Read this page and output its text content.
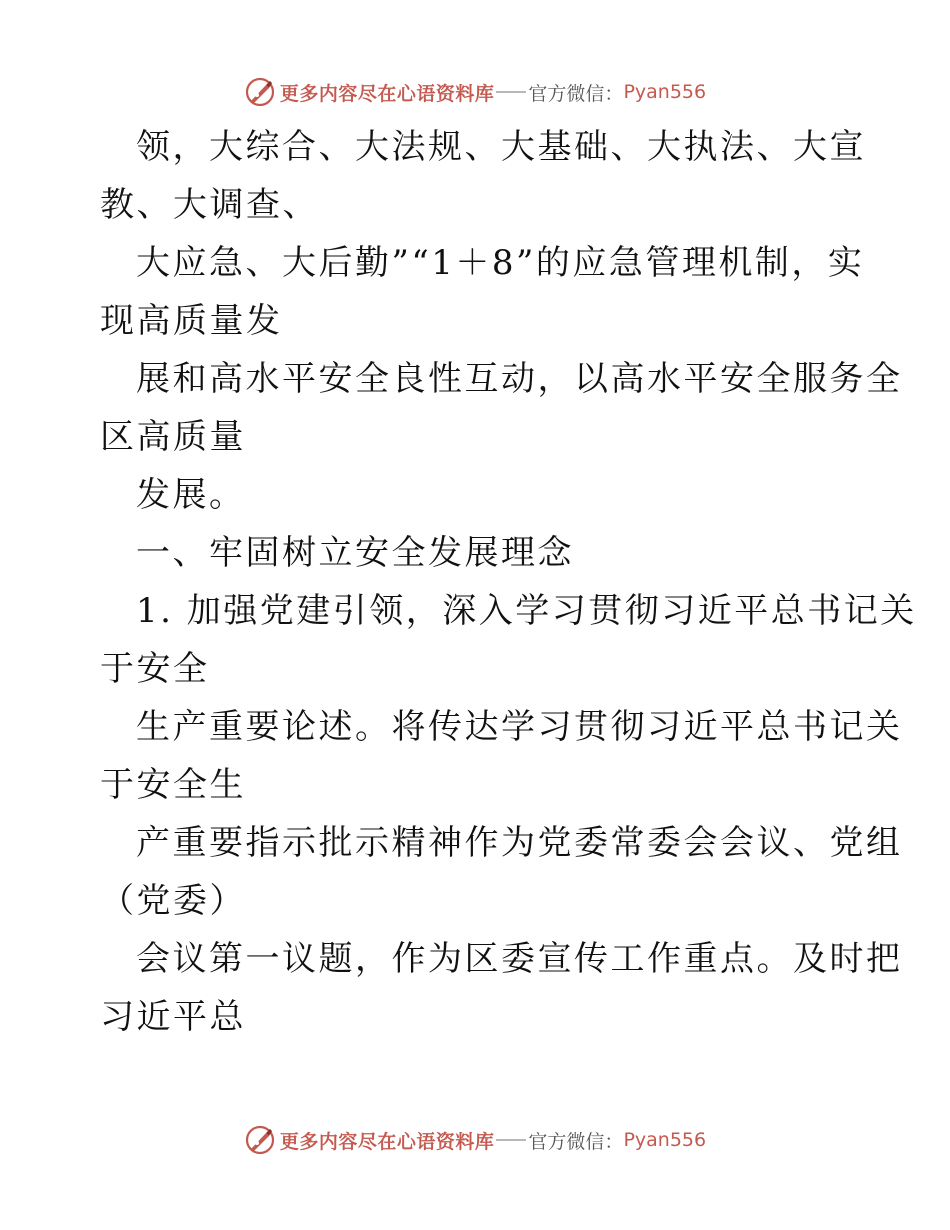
更多内容尽在心语资料库 官方微信： Pyan556
领，大综合、大法规、大基础、大执法、大宣
教、大调查、
大应急、大后勤”“1＋8”的应急管理机制，实
现高质量发
展和高水平安全良性互动，以高水平安全服务全
区高质量
发展。
一、牢固树立安全发展理念
1. 加强党建引领，深入学习贯彻习近平总书记关
于安全
生产重要论述。将传达学习贯彻习近平总书记关
于安全生
产重要指示批示精神作为党委常委会会议、党组
（党委）
会议第一议题，作为区委宣传工作重点。及时把
习近平总
更多内容尽在心语资料库 官方微信： Pyan556
